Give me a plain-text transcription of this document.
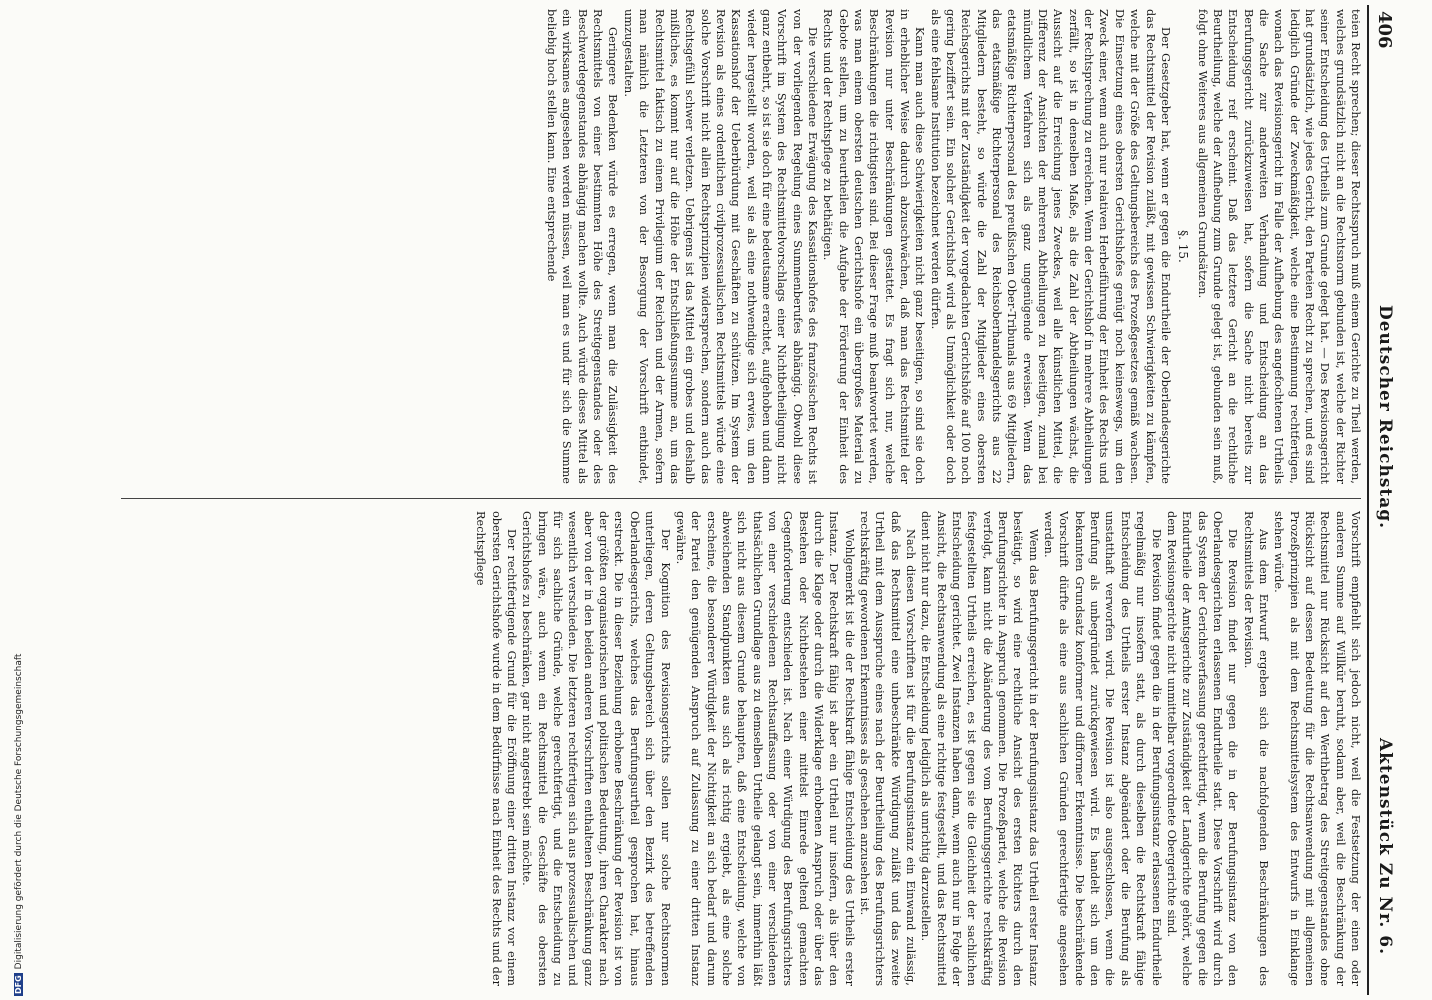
406
Deutscher Reichstag.
Aktenstück Zu Nr. 6.

teien Recht sprechen; dieser Rechtsspruch muß einem Gerichte zu Theil werden, welches grundsätzlich nicht an die Rechtsnorm gebunden ist, welche der Richter seiner Entscheidung des Urtheils zum Grunde gelegt hat. — Des Revisionsgericht hat grundsätzlich, wie jedes Gericht, den Parteien Recht zu sprechen, und es sind lediglich Gründe der Zweckmäßigkeit, welche eine Bestimmung rechtfertigen, wonach das Revisionsgericht im Falle der Aufhebung des angefochtenen Urtheils die Sache zur anderweiten Verhandlung und Entscheidung an das Berufungsgericht zurückzuweisen hat, sofern die Sache nicht bereits zur Entscheidung reif erscheint. Daß das letztere Gericht an die rechtliche Beurtheilung, welche der Aufhebung zum Grunde gelegt ist, gebunden sein muß, folgt ohne Weiteres aus allgemeinen Grundsätzen.

§. 15.

Der Gesetzgeber hat, wenn er gegen die Endurtheile der Oberlandesgerichte das Rechtsmittel der Revision zuläßt, mit gewissen Schwierigkeiten zu kämpfen, welche mit der Größe des Geltungsbereichs des Prozeßgesetzes gemäß wachsen. Die Einsetzung eines obersten Gerichtshofes genügt noch keineswegs, um den Zweck einer, wenn auch nur relativen Herbeiführung der Einheit des Rechts und der Rechtsprechung zu erreichen. Wenn der Gerichtshof in mehrere Abtheilungen zerfällt, so ist in denselben Maße, als die Zahl der Abtheilungen wächst, die Aussicht auf die Erreichung jenes Zweckes, weil alle künstlichen Mittel, die Differenz der Ansichten der mehreren Abtheilungen zu beseitigen, zumal bei mündlichem Verfahren sich als ganz ungenügende erweisen. Wenn das etatsmäßige Richterpersonal des preußischen Ober-Tribunals aus 69 Mitgliedern, das etatsmäßige Richterpersonal des Reichsoberhandelsgerichts aus 22 Mitgliedern besteht, so würde die Zahl der Mitglieder eines obersten Reichsgerichts mit der Zuständigkeit der vorgedachten Gerichtshöfe auf 100 noch gering beziffert sein. Ein solcher Gerichtshof wird als Unmöglichkeit oder doch als eine fehlsame Institution bezeichnet werden dürfen.

Kann man auch diese Schwierigkeiten nicht ganz beseitigen, so sind sie doch in erheblicher Weise dadurch abzuschwächen, daß man das Rechtsmittel der Revision nur unter Beschränkungen gestattet. Es fragt sich nur, welche Beschränkungen die richtigsten sind. Bei dieser Frage muß beantwortet werden, was man einem obersten deutschen Gerichtshofe ein übergroßes Material zu Gebote stellen, um zu beurtheilen die Aufgabe der Förderung der Einheit des Rechts und der Rechtspflege zu bethätigen.

Die verschiedene Erwägung des Kassationshofes des französischen Rechts ist von der vorliegenden Regelung eines Summenberufes abhängig. Obwohl diese Vorschrift im System des Rechtsmittelvorschlags einer Nichtbetheiligung nicht ganz entbehrt, so ist sie doch für eine bedeutsame erachtet, aufgehoben und dann wieder hergestellt worden, weil sie als eine nothwendige sich erwies, um den Kassationshof der Ueberbürdung mit Geschäften zu schützen. Im System der Revision als eines ordentlichen civilprozessualischen Rechtsmittels würde eine solche Vorschrift nicht allein Rechtsprinzipien widersprechen, sondern auch das Rechtsgefühl schwer verletzen. Uebrigens ist das Mittel ein grobes und deshalb mißliches, es kommt nur auf die Höhe der Entschließungssumme an, um das Rechtsmittel faktisch zu einem Privilegium der Reichen und der Armen, sofern man nämlich die Letzteren von der Besorgung der Vorschrift entbindet, umzugestalten.

Geringere Bedenken würde es erregen, wenn man die Zulässigkeit des Rechtsmittels von einer bestimmten Höhe des Streitgegenstandes oder des Beschwerdegegenstandes abhängig machen wollte. Auch würde dieses Mittel als ein wirksames angesehen werden müssen, weil man es und für sich die Summe beliebig hoch stellen kann. Eine entsprechende

Vorschrift empfiehlt sich jedoch nicht, weil die Festsetzung der einen oder anderen Summe auf Willkür beruht, sodann aber, weil die Beschränkung der Rechtsmittel nur Rücksicht auf den Werthbetrag des Streitgegenstandes obne Rücksicht auf dessen Bedeutung für die Rechtsanwendung mit allgemeinen Prozeßprinzipien als mit dem Rechtsmittelsystem des Entwurfs in Einklange stehen würde.

Aus dem Entwurf ergeben sich die nachfolgenden Beschränkungen des Rechtsmittels der Revision.

Die Revision findet nur gegen die in der Berufungsinstanz von den Oberlandesgerichten erlassenen Endurtheile statt. Diese Vorschrift wird durch das System der Gerichtsverfassung gerechtfertigt, wenn die Berufung gegen die Endurtheile der Amtsgerichte zur Zuständigkeit der Landgerichte gehört, welche dem Revisionsgerichte nicht unmittelbar vorgeordnete Obergerichte sind.

Die Revision findet gegen die in der Berufungsinstanz erlassenen Endurtheile regelmäßig nur insofern statt, als durch dieselben die Rechtskraft fähige Entscheidung des Urtheils erster Instanz abgeändert oder die Berufung als unstatthaft verworfen wird. Die Revision ist also ausgeschlossen, wenn die Berufung als unbegründet zurückgewiesen wird. Es handelt sich um den bekannten Grundsatz konformer und difformer Erkenntnisse. Die beschränkende Vorschrift dürfte als eine aus sachlichen Gründen gerechtfertigte angesehen werden.

Wenn das Berufungsgericht in der Berufungsinstanz das Urtheil erster Instanz bestätigt, so wird eine rechtliche Ansicht des ersten Richters durch den Berufungsrichter in Anspruch genommen. Die Prozeßpartei, welche die Revision verfolgt, kann nicht die Abänderung des vom Berufungsgerichte rechtskräftig festgestellten Urtheils erreichen, es ist gegen sie die Gleichheit der sachlichen Entscheidung gerichtet. Zwei Instanzen haben dann, wenn auch nur in Folge der Ansicht, die Rechtsanwendung als eine richtige festgestellt, und das Rechtsmittel dient nicht nur dazu, die Entscheidung lediglich als unrichtig darzustellen.

Nach diesen Vorschriften ist für die Berufungsinstanz ein Einwand zulässig, daß das Rechtsmittel eine unbeschränkte Würdigung zuläßt und das zweite Urtheil mit dem Ausspruche eines nach der Beurtheilung des Berufungsrichters rechtskräftig gewordenen Erkenntnisses als geschehen anzusehen ist.

Wohlgemerkt ist die der Rechtskraft fähige Entscheidung des Urtheils erster Instanz. Der Rechtskraft fähig ist aber ein Urtheil nur insofern, als über den durch die Klage oder durch die Widerklage erhobenen Anspruch oder über das Bestehen oder Nichtbestehen einer mittelst Einrede geltend gemachten Gegenforderung entschieden ist. Nach einer Würdigung des Berufungsrichters von einer verschiedenen Rechtsauffassung oder von einer verschiedenen thatsächlichen Grundlage aus zu demselben Urtheile gelangt sein, immerhin läßt sich nicht aus diesem Grunde behaupten, daß eine Entscheidung, welche von abweichenden Standpunkten aus sich als richtig ergiebt, als eine solche erscheine, die besonderer Würdigkeit der Nichtigkeit an sich bedarf und darum der Partei den genügenden Anspruch auf Zulassung zu einer dritten Instanz gewähre.

Der Kognition des Revisionsgerichts sollen nur solche Rechtsnormen unterliegen, deren Geltungsbereich sich über den Bezirk des betreffenden Oberlandesgerichts, welches das Berufungsurtheil gesprochen hat, hinaus erstreckt. Die in dieser Beziehung erhobene Beschränkung der Revision ist von der größten organisatorischen und politischen Bedeutung, ihren Charakter nach aber von der in den beiden anderen Vorschriften enthaltenen Beschränkung ganz wesentlich verschieden. Die letzteren rechtfertigen sich aus prozessualischen und für sich sachliche Gründe, welche gerechtfertigt, und die Entscheidung zu bringen wäre, auch wenn ein Rechtsmittel die Geschäfte des obersten Gerichtshofes zu beschränken, gar nicht angestrebt sein möchte.

Der rechtfertigende Grund für die Eröffnung einer dritten Instanz vor einem obersten Gerichtshofe wurde in dem Bedürfnisse nach Einheit des Rechts und der Rechtspflege

DFGDigitalisierung gefördert durch die Deutsche Forschungsgemeinschaft
